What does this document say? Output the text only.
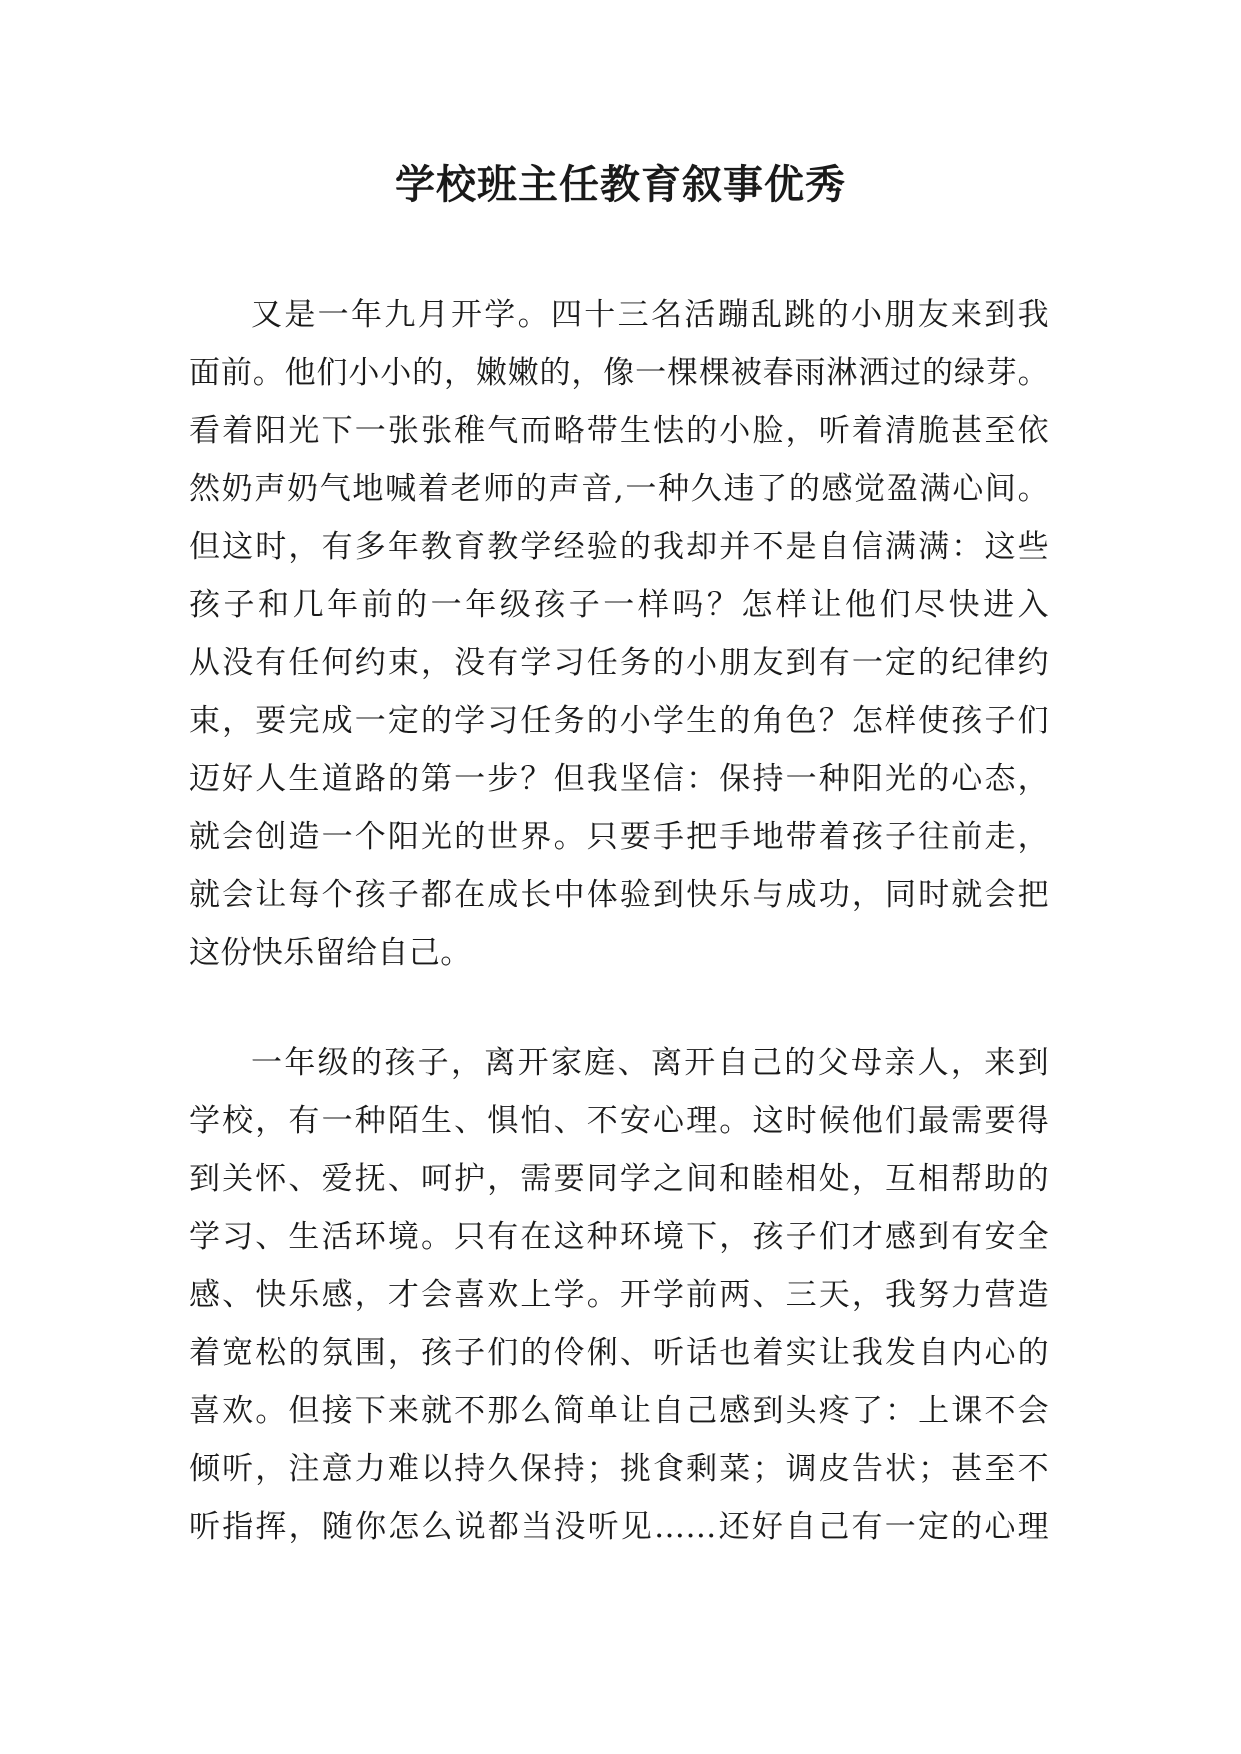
学校班主任教育叙事优秀
又是一年九月开学。四十三名活蹦乱跳的小朋友来到我
面前。他们小小的，嫩嫩的，像一棵棵被春雨淋洒过的绿芽。
看着阳光下一张张稚气而略带生怯的小脸，听着清脆甚至依
然奶声奶气地喊着老师的声音,一种久违了的感觉盈满心间。
但这时，有多年教育教学经验的我却并不是自信满满：这些
孩子和几年前的一年级孩子一样吗？怎样让他们尽快进入
从没有任何约束，没有学习任务的小朋友到有一定的纪律约
束，要完成一定的学习任务的小学生的角色？怎样使孩子们
迈好人生道路的第一步？但我坚信：保持一种阳光的心态，
就会创造一个阳光的世界。只要手把手地带着孩子往前走，
就会让每个孩子都在成长中体验到快乐与成功，同时就会把
这份快乐留给自己。
一年级的孩子，离开家庭、离开自己的父母亲人，来到
学校，有一种陌生、惧怕、不安心理。这时候他们最需要得
到关怀、爱抚、呵护，需要同学之间和睦相处，互相帮助的
学习、生活环境。只有在这种环境下，孩子们才感到有安全
感、快乐感，才会喜欢上学。开学前两、三天，我努力营造
着宽松的氛围，孩子们的伶俐、听话也着实让我发自内心的
喜欢。但接下来就不那么简单让自己感到头疼了：上课不会
倾听，注意力难以持久保持；挑食剩菜；调皮告状；甚至不
听指挥，随你怎么说都当没听见……还好自己有一定的心理
